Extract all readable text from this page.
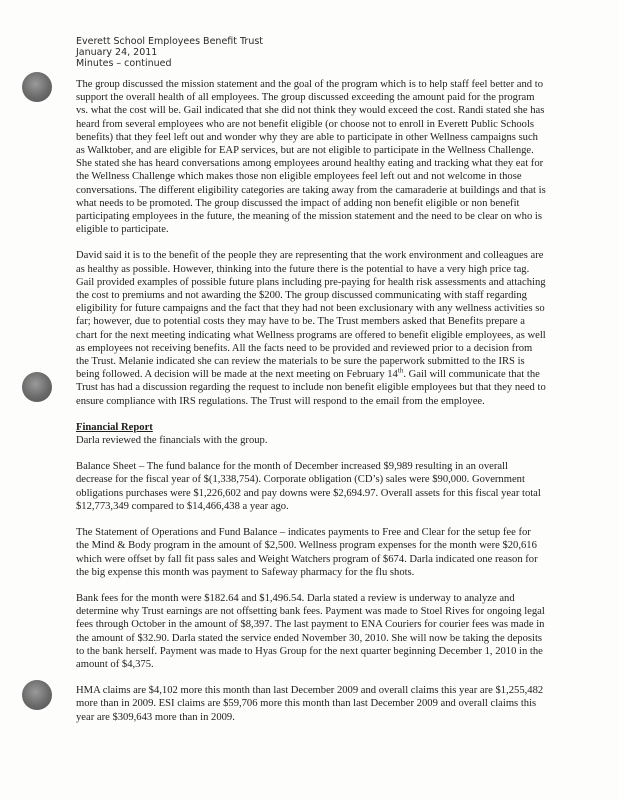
Everett School Employees Benefit Trust
January 24, 2011
Minutes – continued

The group discussed the mission statement and the goal of the program which is to help staff feel better and to support the overall health of all employees. The group discussed exceeding the amount paid for the program vs. what the cost will be. Gail indicated that she did not think they would exceed the cost. Randi stated she has heard from several employees who are not benefit eligible (or choose not to enroll in Everett Public Schools benefits) that they feel left out and wonder why they are able to participate in other Wellness campaigns such as Walktober, and are eligible for EAP services, but are not eligible to participate in the Wellness Challenge. She stated she has heard conversations among employees around healthy eating and tracking what they eat for the Wellness Challenge which makes those non eligible employees feel left out and not welcome in those conversations. The different eligibility categories are taking away from the camaraderie at buildings and that is what needs to be promoted. The group discussed the impact of adding non benefit eligible or non benefit participating employees in the future, the meaning of the mission statement and the need to be clear on who is eligible to participate.

David said it is to the benefit of the people they are representing that the work environment and colleagues are as healthy as possible. However, thinking into the future there is the potential to have a very high price tag. Gail provided examples of possible future plans including pre-paying for health risk assessments and attaching the cost to premiums and not awarding the $200. The group discussed communicating with staff regarding eligibility for future campaigns and the fact that they had not been exclusionary with any wellness activities so far; however, due to potential costs they may have to be. The Trust members asked that Benefits prepare a chart for the next meeting indicating what Wellness programs are offered to benefit eligible employees, as well as employees not receiving benefits. All the facts need to be provided and reviewed prior to a decision from the Trust. Melanie indicated she can review the materials to be sure the paperwork submitted to the IRS is being followed. A decision will be made at the next meeting on February 14th. Gail will communicate that the Trust has had a discussion regarding the request to include non benefit eligible employees but that they need to ensure compliance with IRS regulations. The Trust will respond to the email from the employee.

Financial Report

Darla reviewed the financials with the group.

Balance Sheet – The fund balance for the month of December increased $9,989 resulting in an overall decrease for the fiscal year of $(1,338,754). Corporate obligation (CD’s) sales were $90,000. Government obligations purchases were $1,226,602 and pay downs were $2,694.97. Overall assets for this fiscal year total $12,773,349 compared to $14,466,438 a year ago.

The Statement of Operations and Fund Balance – indicates payments to Free and Clear for the setup fee for the Mind & Body program in the amount of $2,500. Wellness program expenses for the month were $20,616 which were offset by fall fit pass sales and Weight Watchers program of $674. Darla indicated one reason for the big expense this month was payment to Safeway pharmacy for the flu shots.

Bank fees for the month were $182.64 and $1,496.54. Darla stated a review is underway to analyze and determine why Trust earnings are not offsetting bank fees. Payment was made to Stoel Rives for ongoing legal fees through October in the amount of $8,397. The last payment to ENA Couriers for courier fees was made in the amount of $32.90. Darla stated the service ended November 30, 2010. She will now be taking the deposits to the bank herself. Payment was made to Hyas Group for the next quarter beginning December 1, 2010 in the amount of $4,375.

HMA claims are $4,102 more this month than last December 2009 and overall claims this year are $1,255,482 more than in 2009. ESI claims are $59,706 more this month than last December 2009 and overall claims this year are $309,643 more than in 2009.
